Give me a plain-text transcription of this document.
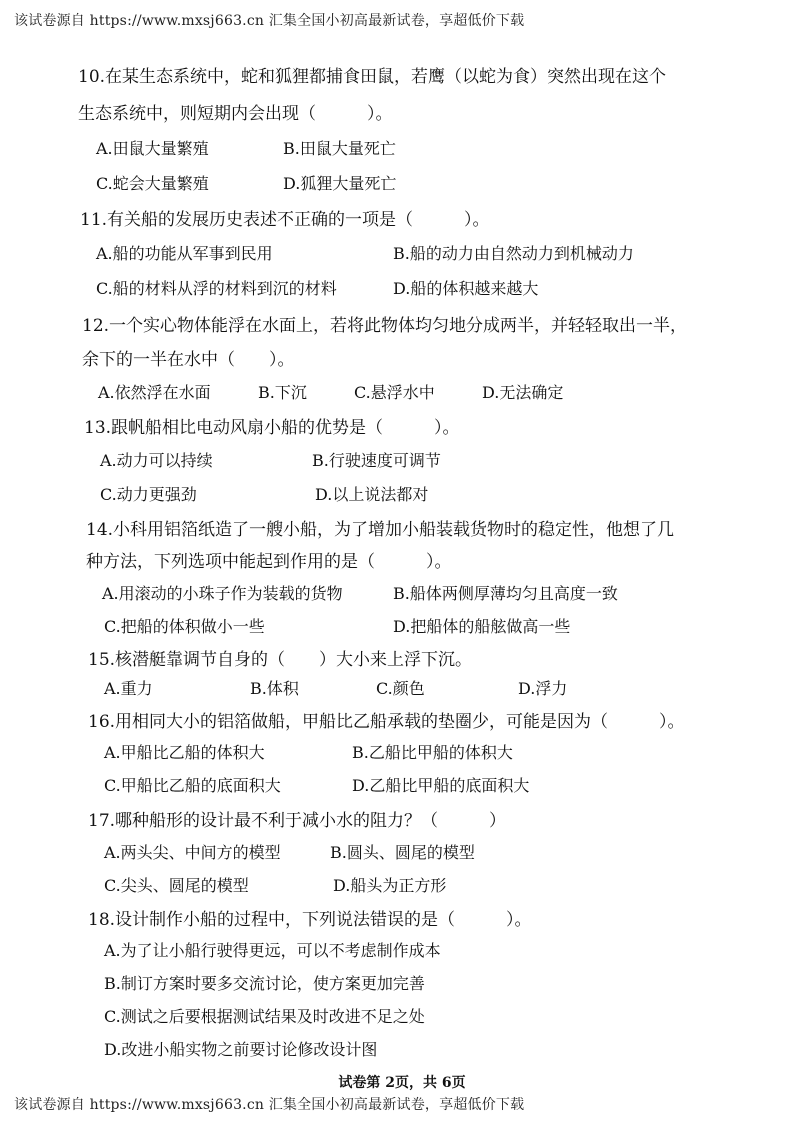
该试卷源自 https://www.mxsj663.cn 汇集全国小初高最新试卷，享超低价下载
10.在某生态系统中，蛇和狐狸都捕食田鼠，若鹰（以蛇为食）突然出现在这个
生态系统中，则短期内会出现（　　　）。
A.田鼠大量繁殖	B.田鼠大量死亡
C.蛇会大量繁殖	D.狐狸大量死亡
11.有关船的发展历史表述不正确的一项是（　　　）。
A.船的功能从军事到民用	B.船的动力由自然动力到机械动力
C.船的材料从浮的材料到沉的材料	D.船的体积越来越大
12.一个实心物体能浮在水面上，若将此物体均匀地分成两半，并轻轻取出一半，
余下的一半在水中（　　）。
A.依然浮在水面	B.下沉	C.悬浮水中	D.无法确定
13.跟帆船相比电动风扇小船的优势是（　　　）。
A.动力可以持续	B.行驶速度可调节
C.动力更强劲	D.以上说法都对
14.小科用铝箔纸造了一艘小船，为了增加小船装载货物时的稳定性，他想了几
种方法，下列选项中能起到作用的是（　　　）。
A.用滚动的小珠子作为装载的货物	B.船体两侧厚薄均匀且高度一致
C.把船的体积做小一些	D.把船体的船舷做高一些
15.核潜艇靠调节自身的（　　）大小来上浮下沉。
A.重力	B.体积	C.颜色	D.浮力
16.用相同大小的铝箔做船，甲船比乙船承载的垫圈少，可能是因为（　　　）。
A.甲船比乙船的体积大	B.乙船比甲船的体积大
C.甲船比乙船的底面积大	D.乙船比甲船的底面积大
17.哪种船形的设计最不利于减小水的阻力？（　　　）
A.两头尖、中间方的模型	B.圆头、圆尾的模型
C.尖头、圆尾的模型	D.船头为正方形
18.设计制作小船的过程中，下列说法错误的是（　　　）。
A.为了让小船行驶得更远，可以不考虑制作成本
B.制订方案时要多交流讨论，使方案更加完善
C.测试之后要根据测试结果及时改进不足之处
D.改进小船实物之前要讨论修改设计图
试卷第 2页，共 6页
该试卷源自 https://www.mxsj663.cn 汇集全国小初高最新试卷，享超低价下载
